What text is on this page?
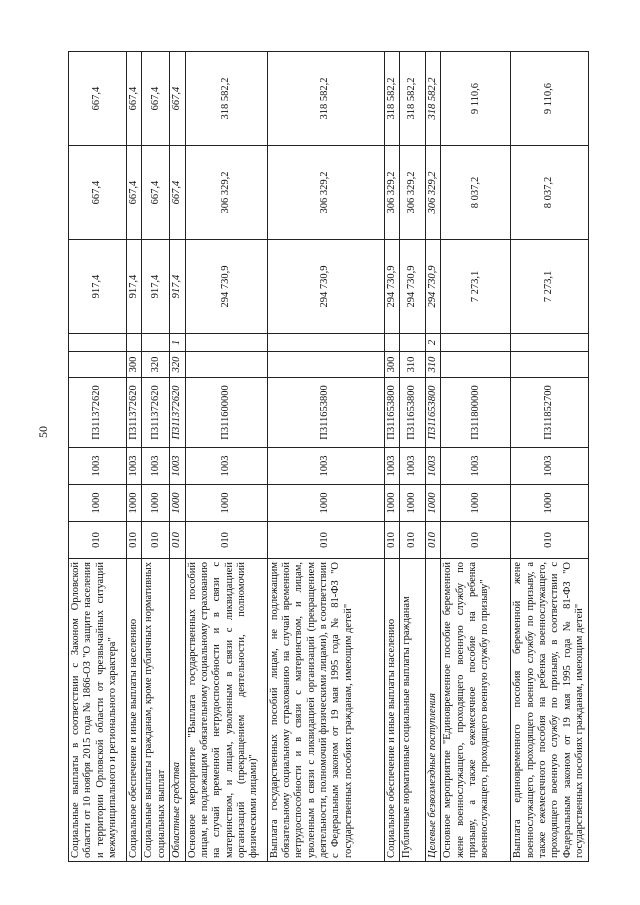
50
Социальные выплаты в соответствии с Законом Орловской области от 10 ноября 2015 года № 1866-ОЗ "О защите населения и территории Орловской области от чрезвычайных ситуаций межмуниципального и регионального характера"	010	1000	1003	П311372620			917,4	667,4	667,4
Социальное обеспечение и иные выплаты населению	010	1000	1003	П311372620	300		917,4	667,4	667,4
Социальные выплаты гражданам, кроме публичных нормативных социальных выплат	010	1000	1003	П311372620	320		917,4	667,4	667,4
Областные средства	010	1000	1003	П311372620	320	1	917,4	667,4	667,4
Основное мероприятие "Выплата государственных пособий лицам, не подлежащим обязательному социальному страхованию на случай временной нетрудоспособности и в связи с материнством, и лицам, уволенным в связи с ликвидацией организаций (прекращением деятельности, полномочий физическими лицами)"	010	1000	1003	П311600000			294 730,9	306 329,2	318 582,2
Выплата государственных пособий лицам, не подлежащим обязательному социальному страхованию на случай временной нетрудоспособности и в связи с материнством, и лицам, уволенным в связи с ликвидацией организаций (прекращением деятельности, полномочий физическими лицами), в соответствии с Федеральным законом от 19 мая 1995 года № 81-ФЗ "О государственных пособиях гражданам, имеющим детей"	010	1000	1003	П311653800			294 730,9	306 329,2	318 582,2
Социальное обеспечение и иные выплаты населению	010	1000	1003	П311653800	300		294 730,9	306 329,2	318 582,2
Публичные нормативные социальные выплаты гражданам	010	1000	1003	П311653800	310		294 730,9	306 329,2	318 582,2
Целевые безвозмездные поступления	010	1000	1003	П311653800	310	2	294 730,9	306 329,2	318 582,2
Основное мероприятие "Единовременное пособие беременной жене военнослужащего, проходящего военную службу по призыву, а также ежемесячное пособие на ребенка военнослужащего, проходящего военную службу по призыву"	010	1000	1003	П311800000			7 273,1	8 037,2	9 110,6
Выплата единовременного пособия беременной жене военнослужащего, проходящего военную службу по призыву, а также ежемесячного пособия на ребенка военнослужащего, проходящего военную службу по призыву, в соответствии с Федеральным законом от 19 мая 1995 года № 81-ФЗ "О государственных пособиях гражданам, имеющим детей"	010	1000	1003	П311852700			7 273,1	8 037,2	9 110,6
